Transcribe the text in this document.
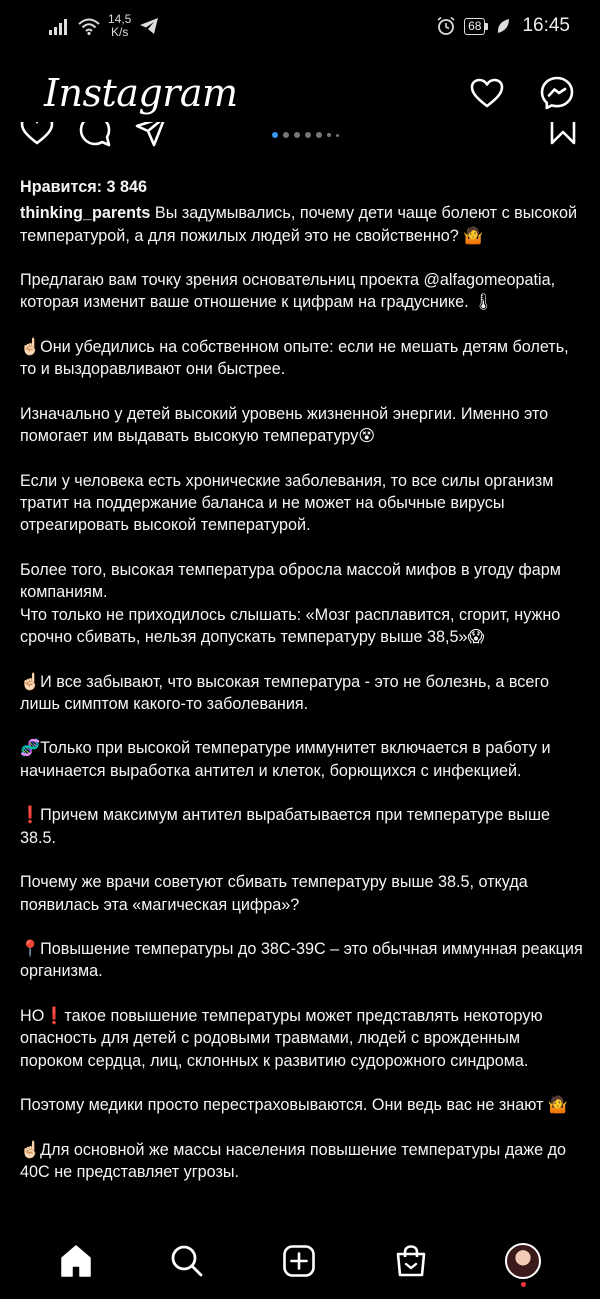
14,5
K/s	68 16:45
Instagram
Нравится: 3 846
thinking_parents Вы задумывались, почему дети чаще болеют с высокой температурой, а для пожилых людей это не свойственно? 🤷
Предлагаю вам точку зрения основательниц проекта @alfagomeopatia, которая изменит ваше отношение к цифрам на градуснике. 🌡
☝🏻Они убедились на собственном опыте: если не мешать детям болеть, то и выздоравливают они быстрее.
Изначально у детей высокий уровень жизненной энергии. Именно это помогает им выдавать высокую температуру😵
Если у человека есть хронические заболевания, то все силы организм тратит на поддержание баланса и не может на обычные вирусы отреагировать высокой температурой.
Более того, высокая температура обросла массой мифов в угоду фарм компаниям.
Что только не приходилось слышать: «Мозг расплавится, сгорит, нужно срочно сбивать, нельзя допускать температуру выше 38,5»😱
☝🏻И все забывают, что высокая температура - это не болезнь, а всего лишь симптом какого-то заболевания.
🧬Только при высокой температуре иммунитет включается в работу и начинается выработка антител и клеток, борющихся с инфекцией.
❗️Причем максимум антител вырабатывается при температуре выше 38.5.
Почему же врачи советуют сбивать температуру выше 38.5, откуда появилась эта «магическая цифра»?
📍Повышение температуры до 38С-39С – это обычная иммунная реакция организма.
НО❗️такое повышение температуры может представлять некоторую опасность для детей с родовыми травмами, людей с врожденным пороком сердца, лиц, склонных к развитию судорожного синдрома.
Поэтому медики просто перестраховываются. Они ведь вас не знают 🤷
☝🏻Для основной же массы населения повышение температуры даже до 40С не представляет угрозы.
